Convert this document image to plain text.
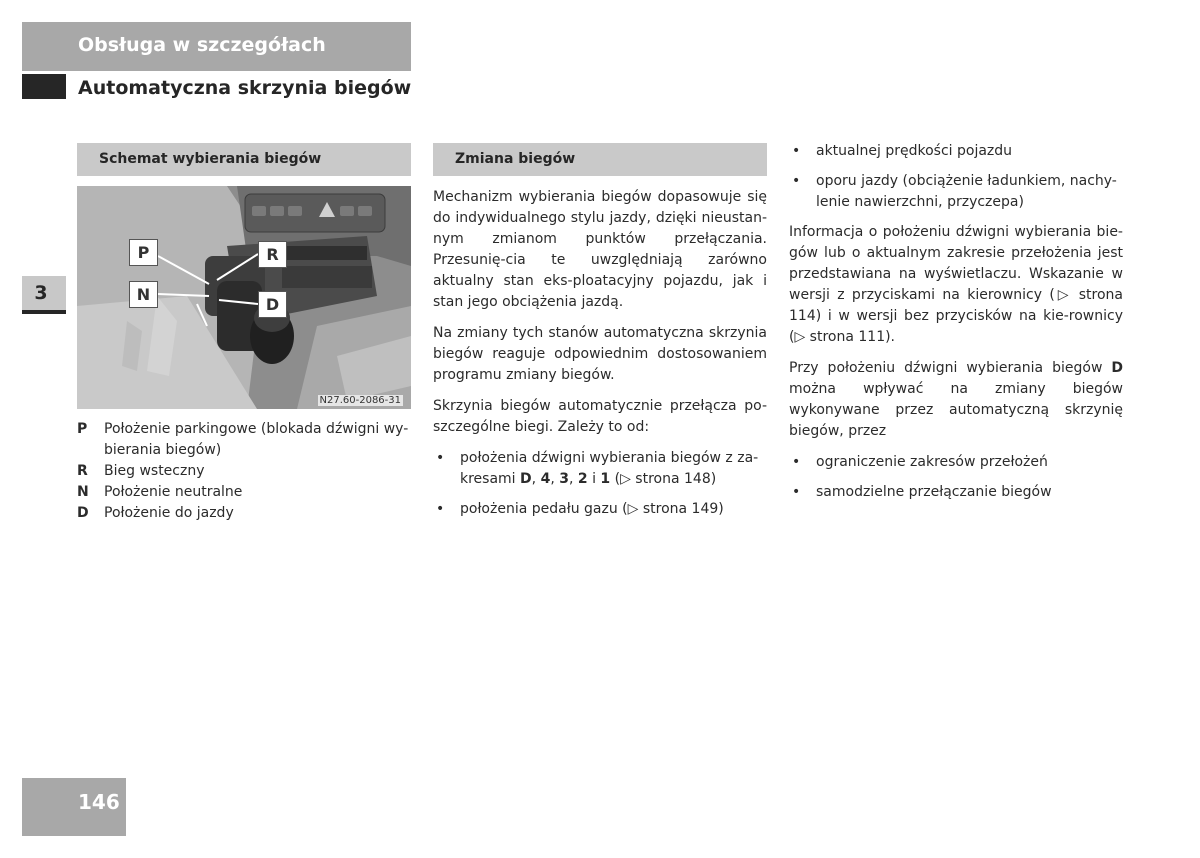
Obsługa w szczegółach
Automatyczna skrzynia biegów
3
146
Schemat wybierania biegów
P	R
N
D
N27.60-2086-31
P Położenie parkingowe (blokada dźwigni wy-bierania biegów)
R Bieg wsteczny
N Położenie neutralne
D Położenie do jazdy
Zmiana biegów

Mechanizm wybierania biegów dopasowuje się do indywidualnego stylu jazdy, dzięki nieustan-nym zmianom punktów przełączania. Przesunię-cia te uwzględniają zarówno aktualny stan eks-ploatacyjny pojazdu, jak i stan jego obciążenia jazdą.

Na zmiany tych stanów automatyczna skrzynia biegów reaguje odpowiednim dostosowaniem programu zmiany biegów.

Skrzynia biegów automatycznie przełącza po-szczególne biegi. Zależy to od:

• położenia dźwigni wybierania biegów z za-kresami D, 4, 3, 2 i 1 (▷ strona 148)
• położenia pedału gazu (▷ strona 149)
• aktualnej prędkości pojazdu
• oporu jazdy (obciążenie ładunkiem, nachy-lenie nawierzchni, przyczepa)

Informacja o położeniu dźwigni wybierania bie-gów lub o aktualnym zakresie przełożenia jest przedstawiana na wyświetlaczu. Wskazanie w wersji z przyciskami na kierownicy (▷ strona 114) i w wersji bez przycisków na kie-rownicy (▷ strona 111).

Przy położeniu dźwigni wybierania biegów D można wpływać na zmiany biegów wykonywane przez automatyczną skrzynię biegów, przez

• ograniczenie zakresów przełożeń
• samodzielne przełączanie biegów
